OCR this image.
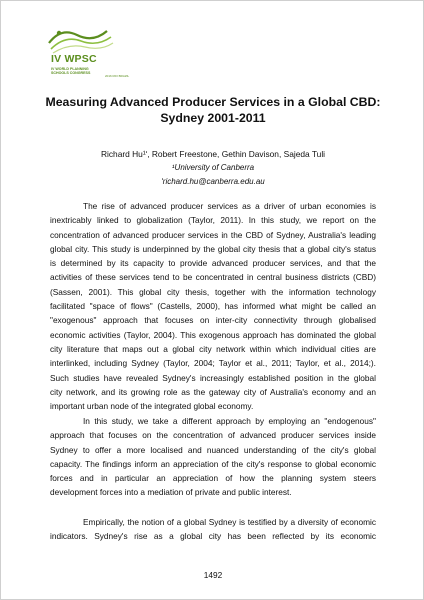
IV WPSC
IV WORLD PLANNING
SCHOOLS CONGRESS
2016 RIO BRAZIL
Measuring Advanced Producer Services in a Global CBD:
Sydney 2001-2011
Richard Hu¹ʹ, Robert Freestone, Gethin Davison, Sajeda Tuli
¹University of Canberra
ʹrichard.hu@canberra.edu.au
The rise of advanced producer services as a driver of urban economies is
inextricably linked to globalization (Taylor, 2011). In this study, we report on the
concentration of advanced producer services in the CBD of Sydney, Australia's leading
global city. This study is underpinned by the global city thesis that a global city's status
is determined by its capacity to provide advanced producer services, and that the
activities of these services tend to be concentrated in central business districts (CBD)
(Sassen, 2001). This global city thesis, together with the information technology
facilitated "space of flows" (Castells, 2000), has informed what might be called an
"exogenous" approach that focuses on inter-city connectivity through globalised
economic activities (Taylor, 2004). This exogenous approach has dominated the global
city literature that maps out a global city network within which individual cities are
interlinked, including Sydney (Taylor, 2004; Taylor et al., 2011; Taylor, et al., 2014;).
Such studies have revealed Sydney's increasingly established position in the global
city network, and its growing role as the gateway city of Australia's economy and an
important urban node of the integrated global economy.
In this study, we take a different approach by employing an "endogenous"
approach that focuses on the concentration of advanced producer services inside
Sydney to offer a more localised and nuanced understanding of the city's global
capacity. The findings inform an appreciation of the city's response to global economic
forces and in particular an appreciation of how the planning system steers
development forces into a mediation of private and public interest.
Empirically, the notion of a global Sydney is testified by a diversity of economic
indicators. Sydney's rise as a global city has been reflected by its economic
1492
